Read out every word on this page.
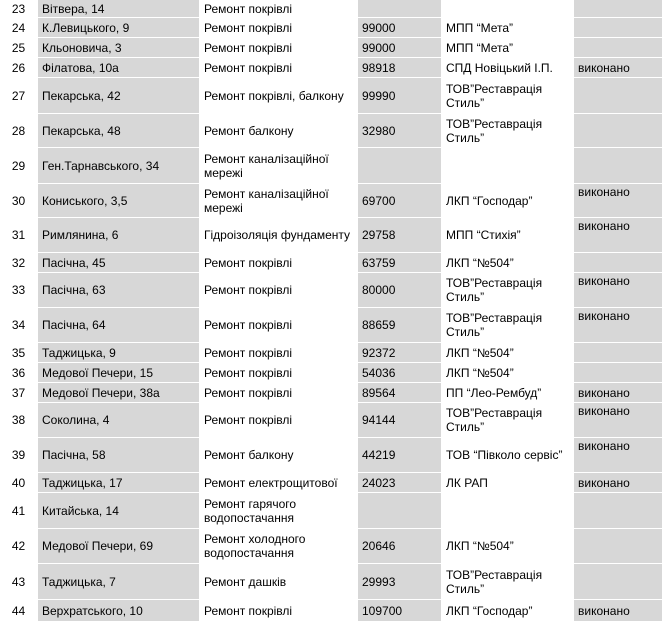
23	Вітвера, 14	Ремонт покрівлі			
24	К.Левицького, 9	Ремонт покрівлі	99000	МПП “Мета”	
25	Кльоновича, 3	Ремонт покрівлі	99000	МПП “Мета”	
26	Філатова, 10а	Ремонт покрівлі	98918	СПД Новіцький І.П.	виконано
27	Пекарська, 42	Ремонт покрівлі, балкону	99990	ТОВ”Реставрація Стиль”	
28	Пекарська, 48	Ремонт балкону	32980	ТОВ”Реставрація Стиль”	
29	Ген.Тарнавського, 34	Ремонт каналізаційної мережі			
30	Кониського, 3,5	Ремонт каналізаційної мережі	69700	ЛКП “Господар”	виконано
31	Римлянина, 6	Гідроізоляція фундаменту	29758	МПП “Стихія”	виконано
32	Пасічна, 45	Ремонт покрівлі	63759	ЛКП “№504”	
33	Пасічна, 63	Ремонт покрівлі	80000	ТОВ”Реставрація Стиль”	виконано
34	Пасічна, 64	Ремонт покрівлі	88659	ТОВ”Реставрація Стиль”	виконано
35	Таджицька, 9	Ремонт покрівлі	92372	ЛКП “№504”	
36	Медової Печери, 15	Ремонт покрівлі	54036	ЛКП “№504”	
37	Медової Печери, 38а	Ремонт покрівлі	89564	ПП “Лео-Рембуд”	виконано
38	Соколина, 4	Ремонт покрівлі	94144	ТОВ”Реставрація Стиль”	виконано
39	Пасічна, 58	Ремонт балкону	44219	ТОВ “Півколо сервіс”	виконано
40	Таджицька, 17	Ремонт електрощитової	24023	ЛК РАП	виконано
41	Китайська, 14	Ремонт гарячого водопостачання			
42	Медової Печери, 69	Ремонт холодного водопостачання	20646	ЛКП “№504”	
43	Таджицька, 7	Ремонт дашків	29993	ТОВ”Реставрація Стиль”	
44	Верхратського, 10	Ремонт покрівлі	109700	ЛКП “Господар”	виконано
